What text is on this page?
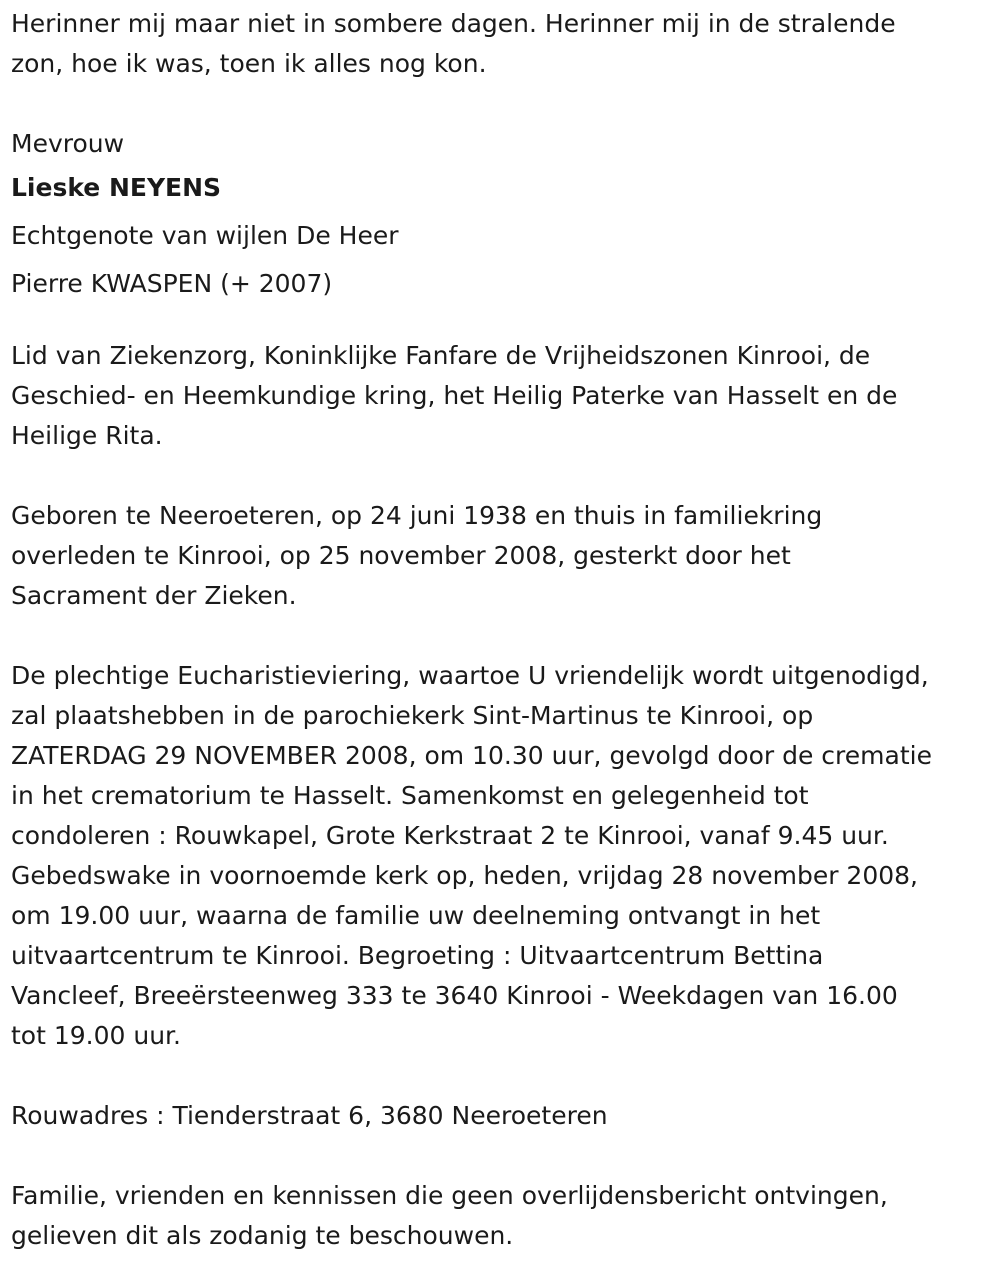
Herinner mij maar niet in sombere dagen. Herinner mij in de stralende

zon, hoe ik was, toen ik alles nog kon.

Mevrouw

Lieske NEYENS

Echtgenote van wijlen De Heer

Pierre KWASPEN (+ 2007)

Lid van Ziekenzorg, Koninklijke Fanfare de Vrijheidszonen Kinrooi, de

Geschied- en Heemkundige kring, het Heilig Paterke van Hasselt en de

Heilige Rita.

Geboren te Neeroeteren, op 24 juni 1938 en thuis in familiekring

overleden te Kinrooi, op 25 november 2008, gesterkt door het

Sacrament der Zieken.

De plechtige Eucharistieviering, waartoe U vriendelijk wordt uitgenodigd,

zal plaatshebben in de parochiekerk Sint-Martinus te Kinrooi, op

ZATERDAG 29 NOVEMBER 2008, om 10.30 uur, gevolgd door de crematie

in het crematorium te Hasselt. Samenkomst en gelegenheid tot

condoleren : Rouwkapel, Grote Kerkstraat 2 te Kinrooi, vanaf 9.45 uur.

Gebedswake in voornoemde kerk op, heden, vrijdag 28 november 2008,

om 19.00 uur, waarna de familie uw deelneming ontvangt in het

uitvaartcentrum te Kinrooi. Begroeting : Uitvaartcentrum Bettina

Vancleef, Breeërsteenweg 333 te 3640 Kinrooi - Weekdagen van 16.00

tot 19.00 uur.

Rouwadres : Tienderstraat 6, 3680 Neeroeteren

Familie, vrienden en kennissen die geen overlijdensbericht ontvingen,

gelieven dit als zodanig te beschouwen.
